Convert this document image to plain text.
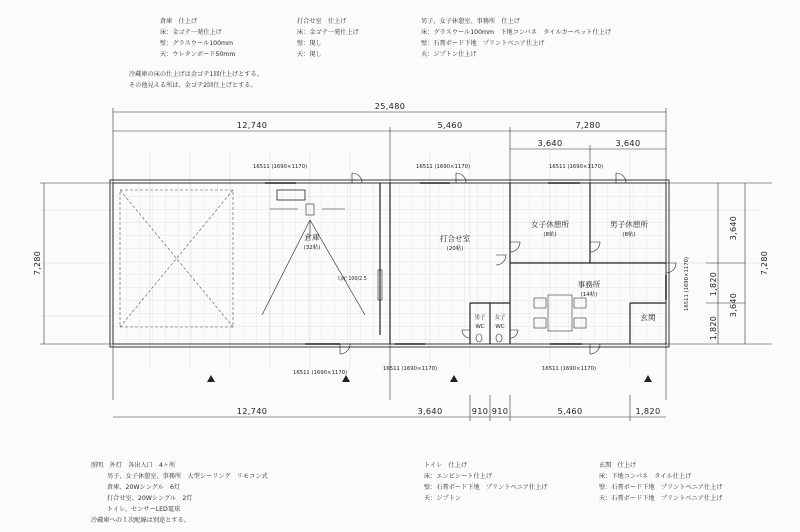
倉庫　仕上げ
床：金ゴテ一発仕上げ
壁：グラスウール100mm
天：ウレタンボード50mm
打合せ室　仕上げ
床：金ゴテ一発仕上げ
壁：現し
天：現し
男子、女子休憩室、事務所　仕上げ
床：グラスウール100mm　下地コンパネ　タイルカーペット仕上げ
壁：石膏ボード下地　プリントベニア仕上げ
天：ジプトン仕上げ
冷蔵庫の床の仕上げは金ゴテ1回仕上げとする。
その他見える所は、金ゴテ2回仕上げとする。
照明　外灯　各出入口　4ヶ所
男子、女子休憩室、事務所　大型シーリング　リモコン式
倉庫、20Wシングル　6灯
打合せ室、20Wシングル　2灯
トイレ、センサーLED電球
冷蔵庫への１次配線は別途とする。
トイレ　仕上げ
床：エンビシート仕上げ
壁：石膏ボード下地　プリントベニア仕上げ
天：ジプトン
玄関　仕上げ
床：下地コンパネ　タイル仕上げ
壁：石膏ボード下地　プリントベニア仕上げ
天：石膏ボード下地　プリントベニア仕上げ
25,480
12,740	5,460	7,280
3,640	3,640
7,280
3,640
1,820
3,640
1,820
7,280
12,740	3,640	910 910	5,460	1,820
16511 (1690×1170)	16511 (1690×1170)	16511 (1690×1170)
16511 (1690×1170)
16511 (1690×1170)	16511 (1690×1170)
16511 (1690×1170)
勾配 100/2.5
倉庫
(32帖)
打合せ室
(20帖)
女子休憩所
(8帖)
男子休憩所
(8帖)
事務所
(14帖)
男子
WC
女子
WC
玄関
